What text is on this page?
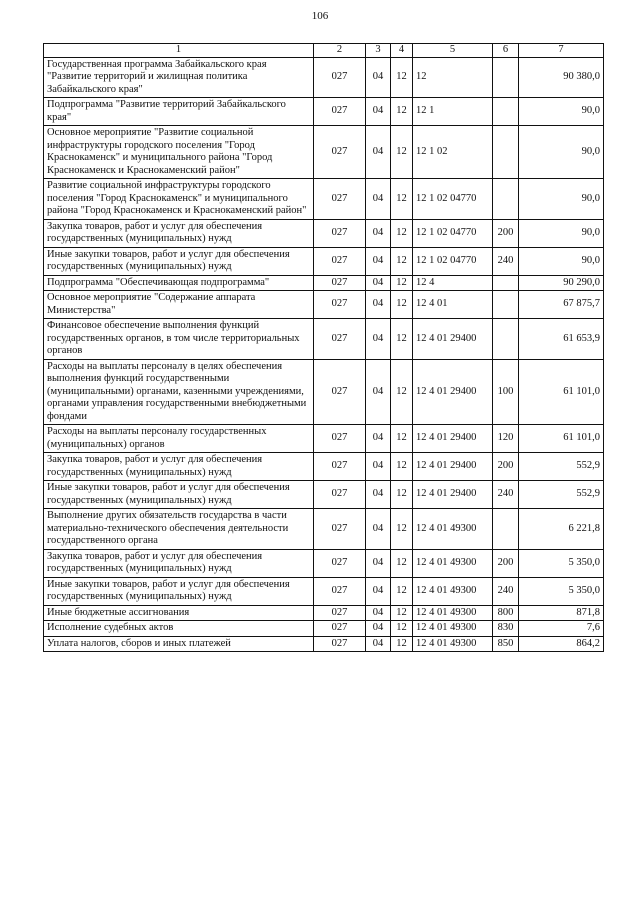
106
1	2	3	4	5	6	7
Государственная программа Забайкальского края "Развитие территорий и жилищная политика Забайкальского края"	027	04	12	12		90 380,0
Подпрограмма "Развитие территорий Забайкальского края"	027	04	12	12 1		90,0
Основное мероприятие "Развитие социальной инфраструктуры городского поселения "Город Краснокаменск" и муниципального района "Город Краснокаменск и Краснокаменский район"	027	04	12	12 1 02		90,0
Развитие социальной инфраструктуры городского поселения "Город Краснокаменск" и муниципального района "Город Краснокаменск и Краснокаменский район"	027	04	12	12 1 02 04770		90,0
Закупка товаров, работ и услуг для обеспечения государственных (муниципальных) нужд	027	04	12	12 1 02 04770	200	90,0
Иные закупки товаров, работ и услуг для обеспечения государственных (муниципальных) нужд	027	04	12	12 1 02 04770	240	90,0
Подпрограмма "Обеспечивающая подпрограмма"	027	04	12	12 4		90 290,0
Основное мероприятие "Содержание аппарата Министерства"	027	04	12	12 4 01		67 875,7
Финансовое обеспечение выполнения функций государственных органов, в том числе территориальных органов	027	04	12	12 4 01 29400		61 653,9
Расходы на выплаты персоналу в целях обеспечения выполнения функций государственными (муниципальными) органами, казенными учреждениями, органами управления государственными внебюджетными фондами	027	04	12	12 4 01 29400	100	61 101,0
Расходы на выплаты персоналу государственных (муниципальных) органов	027	04	12	12 4 01 29400	120	61 101,0
Закупка товаров, работ и услуг для обеспечения государственных (муниципальных) нужд	027	04	12	12 4 01 29400	200	552,9
Иные закупки товаров, работ и услуг для обеспечения государственных (муниципальных) нужд	027	04	12	12 4 01 29400	240	552,9
Выполнение других обязательств государства в части материально-технического обеспечения деятельности государственного органа	027	04	12	12 4 01 49300		6 221,8
Закупка товаров, работ и услуг для обеспечения государственных (муниципальных) нужд	027	04	12	12 4 01 49300	200	5 350,0
Иные закупки товаров, работ и услуг для обеспечения государственных (муниципальных) нужд	027	04	12	12 4 01 49300	240	5 350,0
Иные бюджетные ассигнования	027	04	12	12 4 01 49300	800	871,8
Исполнение судебных актов	027	04	12	12 4 01 49300	830	7,6
Уплата налогов, сборов и иных платежей	027	04	12	12 4 01 49300	850	864,2
